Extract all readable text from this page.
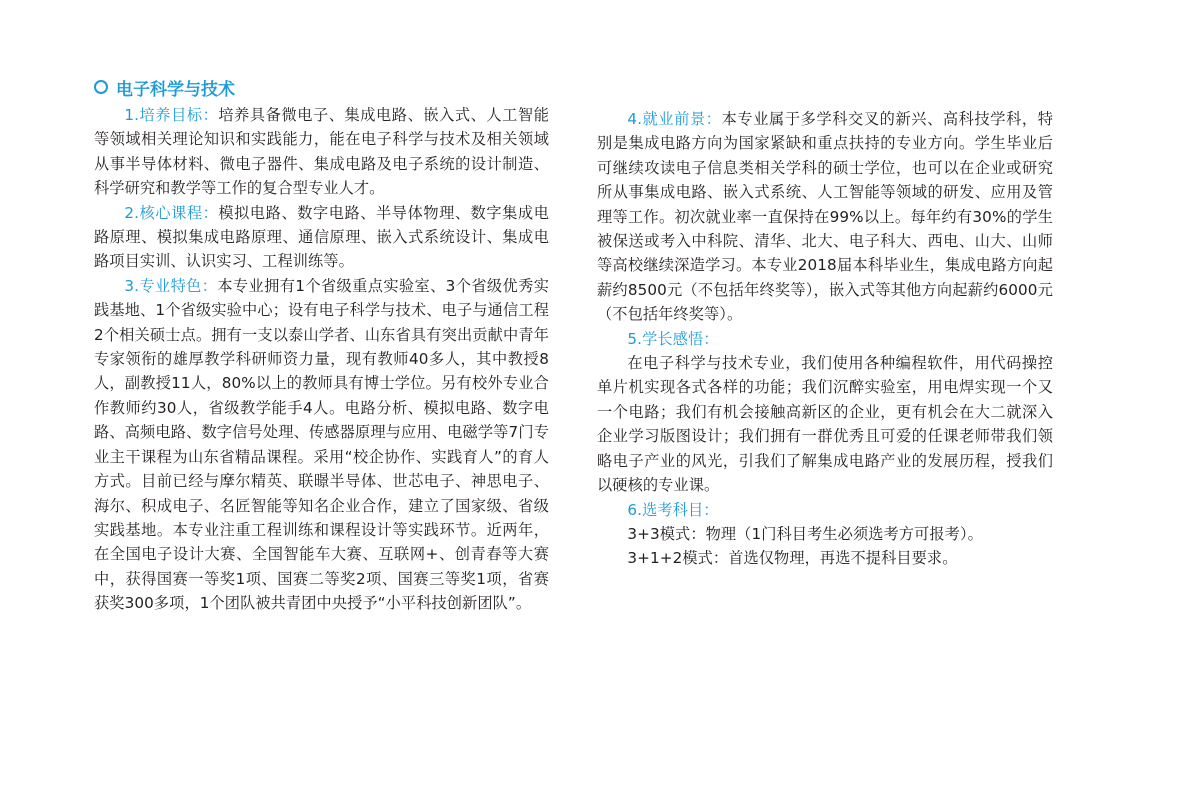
电子科学与技术

1.培养目标：培养具备微电子、集成电路、嵌入式、人工智能等领域相关理论知识和实践能力，能在电子科学与技术及相关领域从事半导体材料、微电子器件、集成电路及电子系统的设计制造、科学研究和教学等工作的复合型专业人才。

2.核心课程：模拟电路、数字电路、半导体物理、数字集成电路原理、模拟集成电路原理、通信原理、嵌入式系统设计、集成电路项目实训、认识实习、工程训练等。

3.专业特色：本专业拥有1个省级重点实验室、3个省级优秀实践基地、1个省级实验中心；设有电子科学与技术、电子与通信工程2个相关硕士点。拥有一支以泰山学者、山东省具有突出贡献中青年专家领衔的雄厚教学科研师资力量，现有教师40多人，其中教授8人，副教授11人，80%以上的教师具有博士学位。另有校外专业合作教师约30人，省级教学能手4人。电路分析、模拟电路、数字电路、高频电路、数字信号处理、传感器原理与应用、电磁学等7门专业主干课程为山东省精品课程。采用“校企协作、实践育人”的育人方式。目前已经与摩尔精英、联暻半导体、世芯电子、神思电子、海尔、积成电子、名匠智能等知名企业合作，建立了国家级、省级实践基地。本专业注重工程训练和课程设计等实践环节。近两年，在全国电子设计大赛、全国智能车大赛、互联网+、创青春等大赛中，获得国赛一等奖1项、国赛二等奖2项、国赛三等奖1项，省赛获奖300多项，1个团队被共青团中央授予“小平科技创新团队”。

4.就业前景：本专业属于多学科交叉的新兴、高科技学科，特别是集成电路方向为国家紧缺和重点扶持的专业方向。学生毕业后可继续攻读电子信息类相关学科的硕士学位，也可以在企业或研究所从事集成电路、嵌入式系统、人工智能等领域的研发、应用及管理等工作。初次就业率一直保持在99%以上。每年约有30%的学生被保送或考入中科院、清华、北大、电子科大、西电、山大、山师等高校继续深造学习。本专业2018届本科毕业生，集成电路方向起薪约8500元（不包括年终奖等），嵌入式等其他方向起薪约6000元（不包括年终奖等）。

5.学长感悟：

在电子科学与技术专业，我们使用各种编程软件，用代码操控单片机实现各式各样的功能；我们沉醉实验室，用电焊实现一个又一个电路；我们有机会接触高新区的企业，更有机会在大二就深入企业学习版图设计；我们拥有一群优秀且可爱的任课老师带我们领略电子产业的风光，引我们了解集成电路产业的发展历程，授我们以硬核的专业课。

6.选考科目：

3+3模式：物理（1门科目考生必须选考方可报考）。

3+1+2模式：首选仅物理，再选不提科目要求。
